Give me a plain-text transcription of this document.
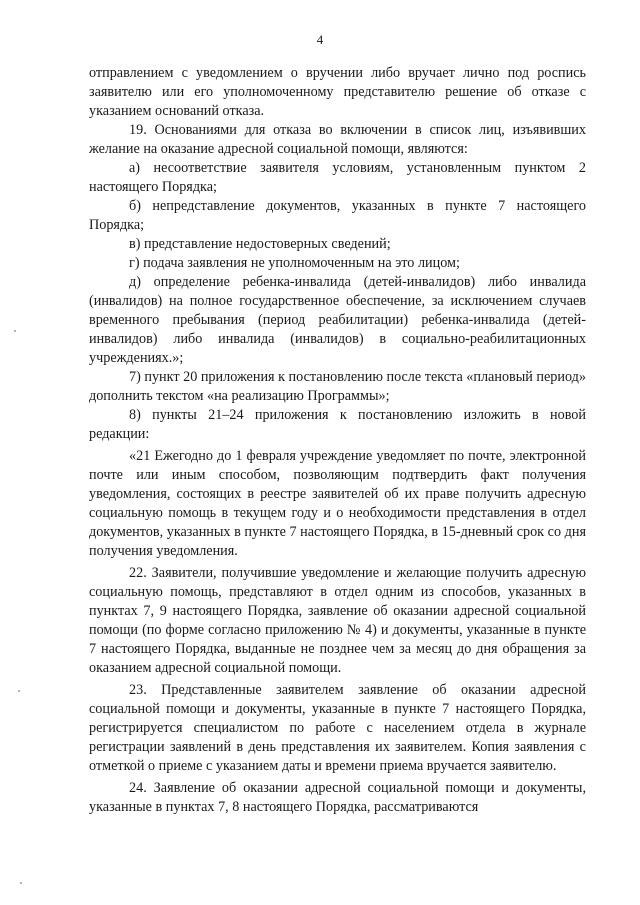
4

отправлением с уведомлением о вручении либо вручает лично под роспись заявителю или его уполномоченному представителю решение об отказе с указанием оснований отказа.

19. Основаниями для отказа во включении в список лиц, изъявивших желание на оказание адресной социальной помощи, являются:

а) несоответствие заявителя условиям, установленным пунктом 2 настоящего Порядка;

б) непредставление документов, указанных в пункте 7 настоящего Порядка;

в) представление недостоверных сведений;

г) подача заявления не уполномоченным на это лицом;

д) определение ребенка-инвалида (детей-инвалидов) либо инвалида (инвалидов) на полное государственное обеспечение, за исключением случаев временного пребывания (период реабилитации) ребенка-инвалида (детей-инвалидов) либо инвалида (инвалидов) в социально-реабилитационных учреждениях.»;

7) пункт 20 приложения к постановлению после текста «плановый период» дополнить текстом «на реализацию Программы»;

8) пункты 21–24 приложения к постановлению изложить в новой редакции:

«21 Ежегодно до 1 февраля учреждение уведомляет по почте, электронной почте или иным способом, позволяющим подтвердить факт получения уведомления, состоящих в реестре заявителей об их праве получить адресную социальную помощь в текущем году и о необходимости представления в отдел документов, указанных в пункте 7 настоящего Порядка, в 15-дневный срок со дня получения уведомления.

22. Заявители, получившие уведомление и желающие получить адресную социальную помощь, представляют в отдел одним из способов, указанных в пунктах 7, 9 настоящего Порядка, заявление об оказании адресной социальной помощи (по форме согласно приложению № 4) и документы, указанные в пункте 7 настоящего Порядка, выданные не позднее чем за месяц до дня обращения за оказанием адресной социальной помощи.

23. Представленные заявителем заявление об оказании адресной социальной помощи и документы, указанные в пункте 7 настоящего Порядка, регистрируется специалистом по работе с населением отдела в журнале регистрации заявлений в день представления их заявителем. Копия заявления с отметкой о приеме с указанием даты и времени приема вручается заявителю.

24. Заявление об оказании адресной социальной помощи и документы, указанные в пунктах 7, 8 настоящего Порядка, рассматриваются
